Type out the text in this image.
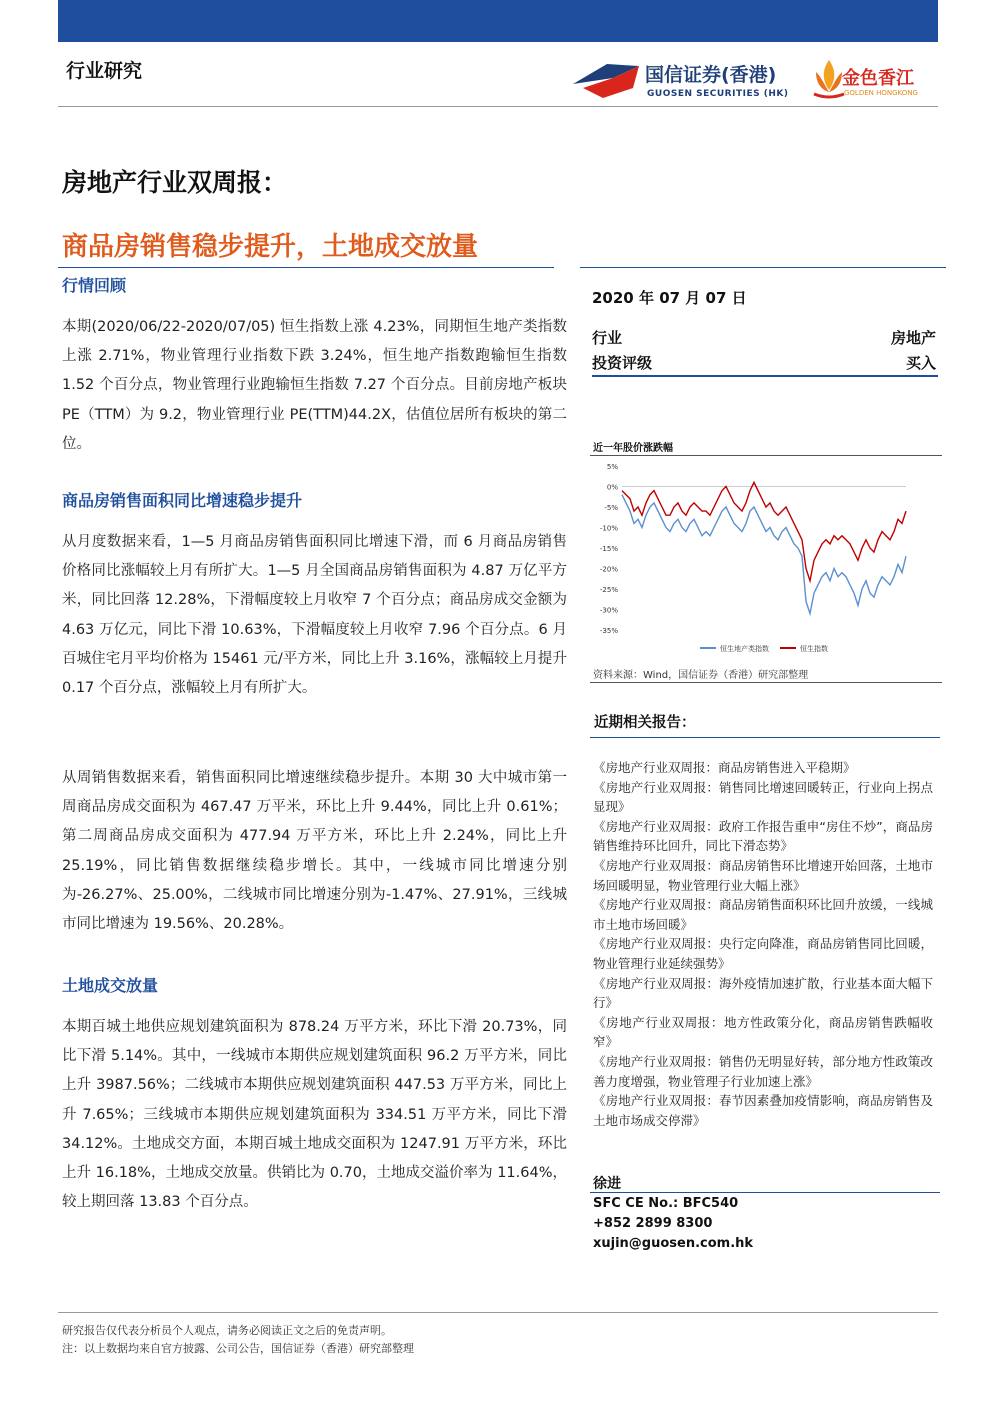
行业研究	国信证券(香港)
GUOSEN SECURITIES (HK)
金色香江
GOLDEN HONGKONG
房地产行业双周报：
商品房销售稳步提升，土地成交放量
行情回顾
本期(2020/06/22-2020/07/05) 恒生指数上涨 4.23%，同期恒生地产类指数上涨 2.71%，物业管理行业指数下跌 3.24%，恒生地产指数跑输恒生指数 1.52 个百分点，物业管理行业跑输恒生指数 7.27 个百分点。目前房地产板块 PE（TTM）为 9.2，物业管理行业 PE(TTM)44.2X，估值位居所有板块的第二位。
商品房销售面积同比增速稳步提升
从月度数据来看，1—5 月商品房销售面积同比增速下滑，而 6 月商品房销售价格同比涨幅较上月有所扩大。1—5 月全国商品房销售面积为 4.87 万亿平方米，同比回落 12.28%，下滑幅度较上月收窄 7 个百分点；商品房成交金额为 4.63 万亿元，同比下滑 10.63%，下滑幅度较上月收窄 7.96 个百分点。6 月百城住宅月平均价格为 15461 元/平方米，同比上升 3.16%，涨幅较上月提升 0.17 个百分点，涨幅较上月有所扩大。
从周销售数据来看，销售面积同比增速继续稳步提升。本期 30 大中城市第一周商品房成交面积为 467.47 万平米，环比上升 9.44%，同比上升 0.61%；第二周商品房成交面积为 477.94 万平方米，环比上升 2.24%，同比上升 25.19%，同比销售数据继续稳步增长。其中，一线城市同比增速分别为-26.27%、25.00%，二线城市同比增速分别为-1.47%、27.91%，三线城市同比增速为 19.56%、20.28%。
土地成交放量
本期百城土地供应规划建筑面积为 878.24 万平方米，环比下滑 20.73%，同比下滑 5.14%。其中，一线城市本期供应规划建筑面积 96.2 万平方米，同比上升 3987.56%；二线城市本期供应规划建筑面积 447.53 万平方米，同比上升 7.65%；三线城市本期供应规划建筑面积为 334.51 万平方米，同比下滑 34.12%。土地成交方面，本期百城土地成交面积为 1247.91 万平方米，环比上升 16.18%，土地成交放量。供销比为 0.70，土地成交溢价率为 11.64%，较上期回落 13.83 个百分点。
2020 年 07 月 07 日
行业	房地产
投资评级	买入
近一年股价涨跌幅
5%
0%
-5%
-10%
-15%
-20%
-25%
-30%
-35%
恒生地产类指数	恒生指数
资料来源：Wind，国信证券（香港）研究部整理
近期相关报告：
《房地产行业双周报：商品房销售进入平稳期》
《房地产行业双周报：销售同比增速回暖转正，行业向上拐点显现》
《房地产行业双周报：政府工作报告重申“房住不炒”，商品房销售维持环比回升，同比下滑态势》
《房地产行业双周报：商品房销售环比增速开始回落，土地市场回暖明显，物业管理行业大幅上涨》
《房地产行业双周报：商品房销售面积环比回升放缓，一线城市土地市场回暖》
《房地产行业双周报：央行定向降准，商品房销售同比回暖，物业管理行业延续强势》
《房地产行业双周报：海外疫情加速扩散，行业基本面大幅下行》
《房地产行业双周报：地方性政策分化，商品房销售跌幅收窄》
《房地产行业双周报：销售仍无明显好转，部分地方性政策改善力度增强，物业管理子行业加速上涨》
《房地产行业双周报：春节因素叠加疫情影响，商品房销售及土地市场成交停滞》
徐进
SFC CE No.: BFC540
+852 2899 8300
xujin@guosen.com.hk
研究报告仅代表分析员个人观点，请务必阅读正文之后的免责声明。
注：以上数据均来自官方披露、公司公告，国信证券（香港）研究部整理
